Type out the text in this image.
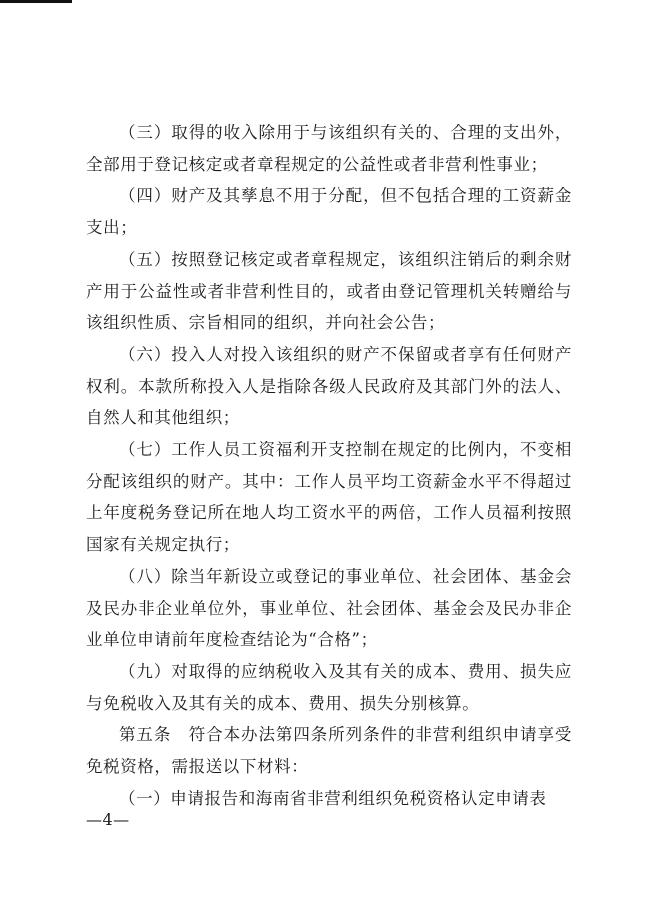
（三）取得的收入除用于与该组织有关的、合理的支出外，全部用于登记核定或者章程规定的公益性或者非营利性事业；

（四）财产及其孳息不用于分配，但不包括合理的工资薪金支出；

（五）按照登记核定或者章程规定，该组织注销后的剩余财产用于公益性或者非营利性目的，或者由登记管理机关转赠给与该组织性质、宗旨相同的组织，并向社会公告；

（六）投入人对投入该组织的财产不保留或者享有任何财产权利。本款所称投入人是指除各级人民政府及其部门外的法人、自然人和其他组织；

（七）工作人员工资福利开支控制在规定的比例内，不变相分配该组织的财产。其中：工作人员平均工资薪金水平不得超过上年度税务登记所在地人均工资水平的两倍，工作人员福利按照国家有关规定执行；

（八）除当年新设立或登记的事业单位、社会团体、基金会及民办非企业单位外，事业单位、社会团体、基金会及民办非企业单位申请前年度检查结论为“合格”；

（九）对取得的应纳税收入及其有关的成本、费用、损失应与免税收入及其有关的成本、费用、损失分别核算。

第五条　符合本办法第四条所列条件的非营利组织申请享受免税资格，需报送以下材料：

（一）申请报告和海南省非营利组织免税资格认定申请表

—4—
